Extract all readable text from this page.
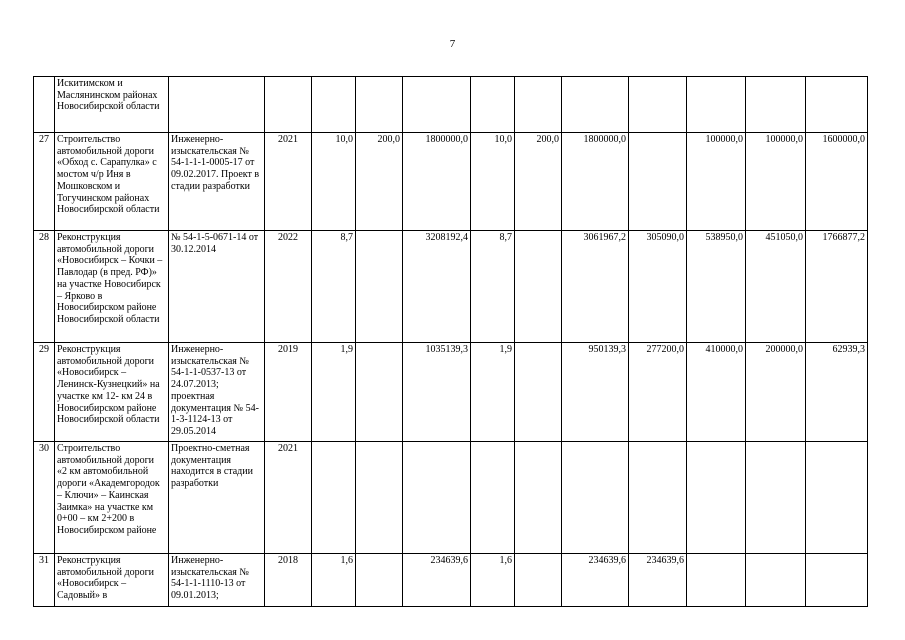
7
	Искитимском и Маслянинском районах Новосибирской области												
27	Строительство автомобильной дороги «Обход с. Сарапулка» с мостом ч/р Иня в Мошковском и Тогучинском районах Новосибирской области	Инженерно-изыскательская № 54-1-1-1-0005-17 от 09.02.2017. Проект в стадии разработки	2021	10,0	200,0	1800000,0	10,0	200,0	1800000,0		100000,0	100000,0	1600000,0
28	Реконструкция автомобильной дороги «Новосибирск – Кочки – Павлодар (в пред. РФ)» на участке Новосибирск – Ярково в Новосибирском районе Новосибирской области	№ 54-1-5-0671-14 от 30.12.2014	2022	8,7		3208192,4	8,7		3061967,2	305090,0	538950,0	451050,0	1766877,2
29	Реконструкция автомобильной дороги «Новосибирск – Ленинск-Кузнецкий» на участке км 12- км 24 в Новосибирском районе Новосибирской области	Инженерно-изыскательская № 54-1-1-0537-13 от 24.07.2013; проектная документация № 54-1-3-1124-13 от 29.05.2014	2019	1,9		1035139,3	1,9		950139,3	277200,0	410000,0	200000,0	62939,3
30	Строительство автомобильной дороги «2 км автомобильной дороги «Академгородок – Ключи» – Каинская Заимка» на участке км 0+00 – км 2+200 в Новосибирском районе	Проектно-сметная документация находится в стадии разработки	2021										
31	Реконструкция автомобильной дороги «Новосибирск – Садовый» в	Инженерно-изыскательская № 54-1-1-1110-13 от 09.01.2013;	2018	1,6		234639,6	1,6		234639,6	234639,6			
